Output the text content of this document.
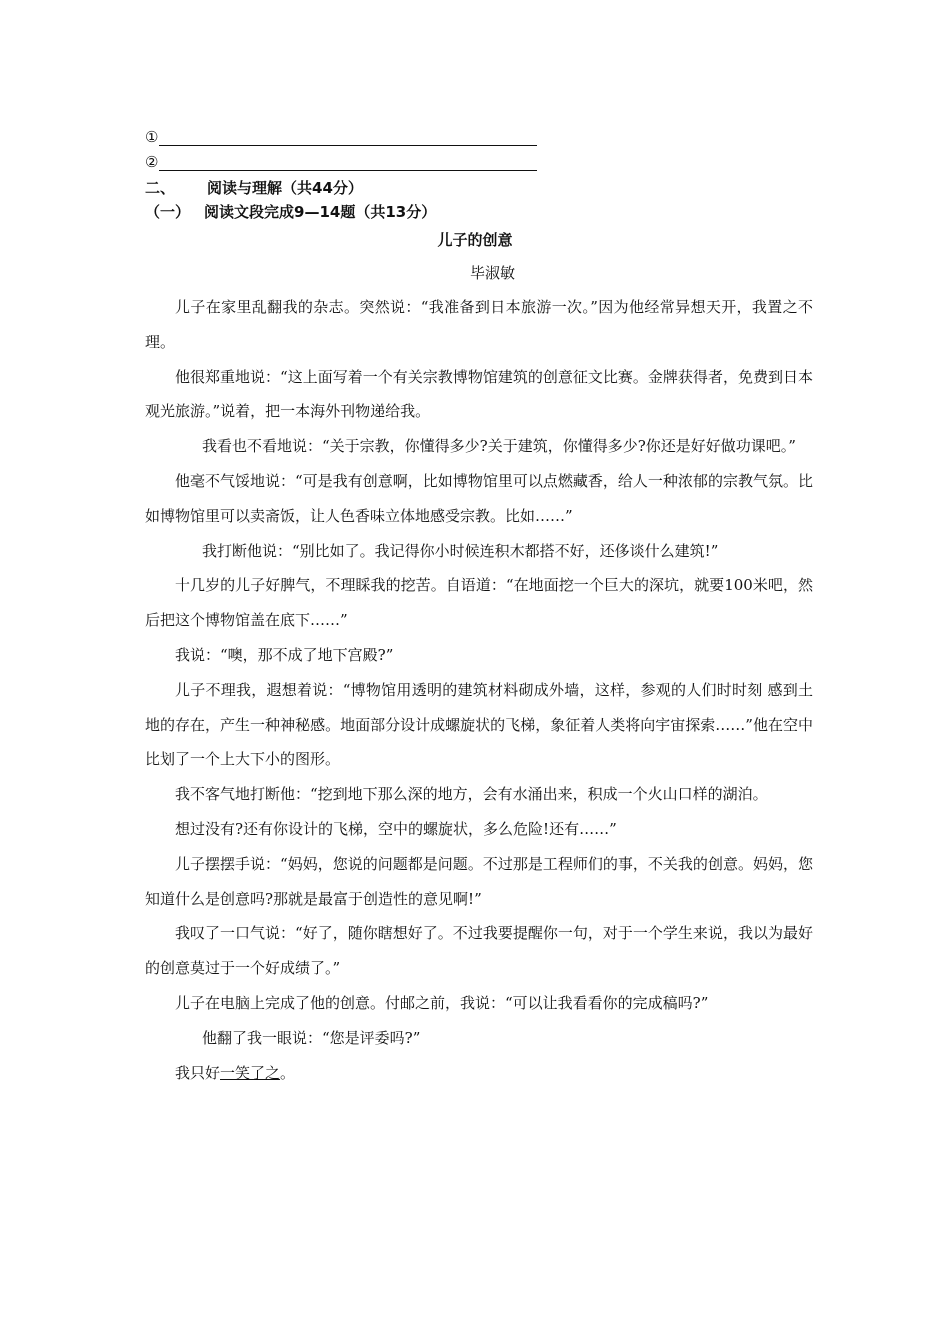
①
②
二、 阅读与理解（共44分）
（一） 阅读文段完成9—14题（共13分）
儿子的创意
毕淑敏

儿子在家里乱翻我的杂志。突然说：“我准备到日本旅游一次。”因为他经常异想天开，我置之不理。

他很郑重地说：“这上面写着一个有关宗教博物馆建筑的创意征文比赛。金牌获得者，免费到日本观光旅游。”说着，把一本海外刊物递给我。

我看也不看地说：“关于宗教，你懂得多少?关于建筑，你懂得多少?你还是好好做功课吧。”

他毫不气馁地说：“可是我有创意啊，比如博物馆里可以点燃藏香，给人一种浓郁的宗教气氛。比如博物馆里可以卖斋饭，让人色香味立体地感受宗教。比如……”

我打断他说：“别比如了。我记得你小时候连积木都搭不好，还侈谈什么建筑!”

十几岁的儿子好脾气，不理睬我的挖苦。自语道：“在地面挖一个巨大的深坑，就要100米吧，然后把这个博物馆盖在底下……”

我说：“噢，那不成了地下宫殿?”

儿子不理我，遐想着说：“博物馆用透明的建筑材料砌成外墙，这样，参观的人们时时刻 感到土地的存在，产生一种神秘感。地面部分设计成螺旋状的飞梯，象征着人类将向宇宙探索……”他在空中比划了一个上大下小的图形。

我不客气地打断他：“挖到地下那么深的地方，会有水涌出来，积成一个火山口样的湖泊。

想过没有?还有你设计的飞梯，空中的螺旋状，多么危险!还有……”

儿子摆摆手说：“妈妈，您说的问题都是问题。不过那是工程师们的事，不关我的创意。妈妈，您知道什么是创意吗?那就是最富于创造性的意见啊!”

我叹了一口气说：“好了，随你瞎想好了。不过我要提醒你一句，对于一个学生来说，我以为最好的创意莫过于一个好成绩了。”

儿子在电脑上完成了他的创意。付邮之前，我说：“可以让我看看你的完成稿吗?”

他翻了我一眼说：“您是评委吗?”

我只好一笑了之。
